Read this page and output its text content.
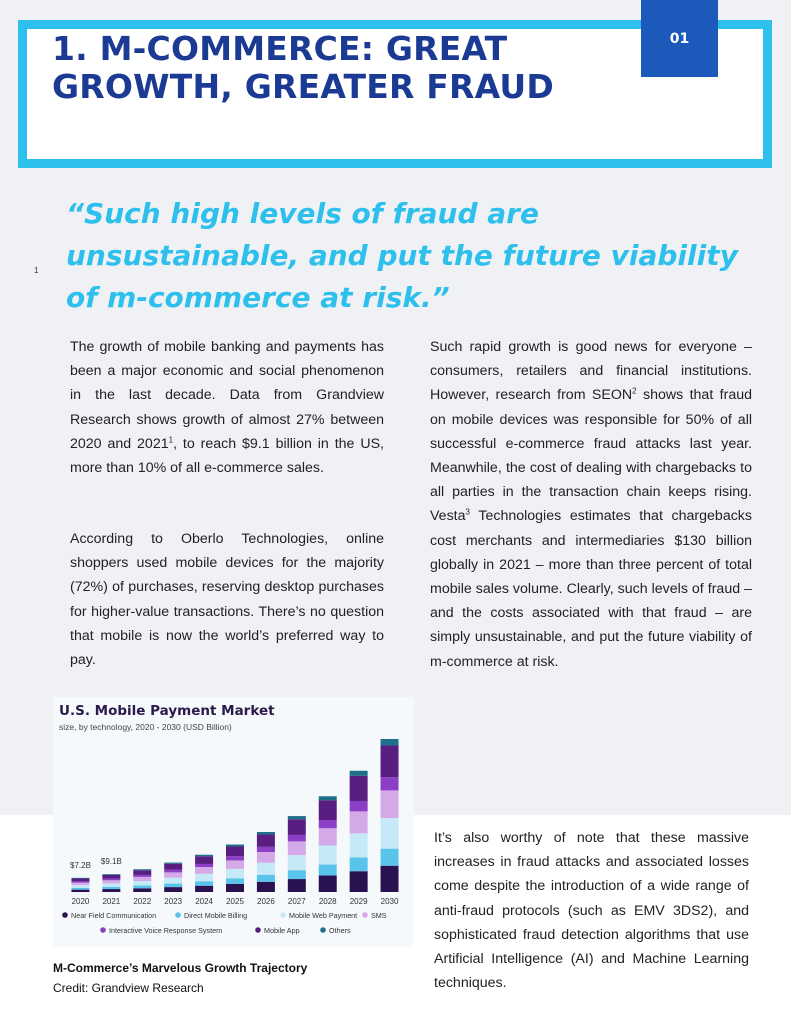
1. M-COMMERCE: GREAT GROWTH, GREATER FRAUD
01
1
“Such high levels of fraud are unsustainable, and put the future viability of m-commerce at risk.”

The growth of mobile banking and payments has been a major economic and social phenomenon in the last decade. Data from Grandview Research shows growth of almost 27% between 2020 and 2021$^1$, to reach $9.1 billion in the US, more than 10% of all e-commerce sales.

According to Oberlo Technologies, online shoppers used mobile devices for the majority (72%) of purchases, reserving desktop purchases for higher-value transactions. There’s no question that mobile is now the world’s preferred way to pay.

Such rapid growth is good news for everyone – consumers, retailers and financial institutions. However, research from SEON$^2$ shows that fraud on mobile devices was responsible for 50% of all successful e-commerce fraud attacks last year. Meanwhile, the cost of dealing with chargebacks to all parties in the transaction chain keeps rising. Vesta$^3$ Technologies estimates that chargebacks cost merchants and intermediaries $130 billion globally in 2021 – more than three percent of total mobile sales volume. Clearly, such levels of fraud – and the costs associated with that fraud – are simply unsustainable, and put the future viability of m-commerce at risk.

It’s also worthy of note that these massive increases in fraud attacks and associated losses come despite the introduction of a wide range of anti-fraud protocols (such as EMV 3DS2), and sophisticated fraud detection algorithms that use Artificial Intelligence (AI) and Machine Learning techniques.

2020 2021 2022 2023 2024 2025 2026 2027 2028 2029 2030
$7.2B $9.1B
Near Field Communication	Direct Mobile Billing	Mobile Web Payment SMS
Interactive Voice Response System	Mobile App	Others
U.S. Mobile Payment Market
size, by technology, 2020 - 2030 (USD Billion)
M-Commerce’s Marvelous Growth Trajectory
Credit: Grandview Research
